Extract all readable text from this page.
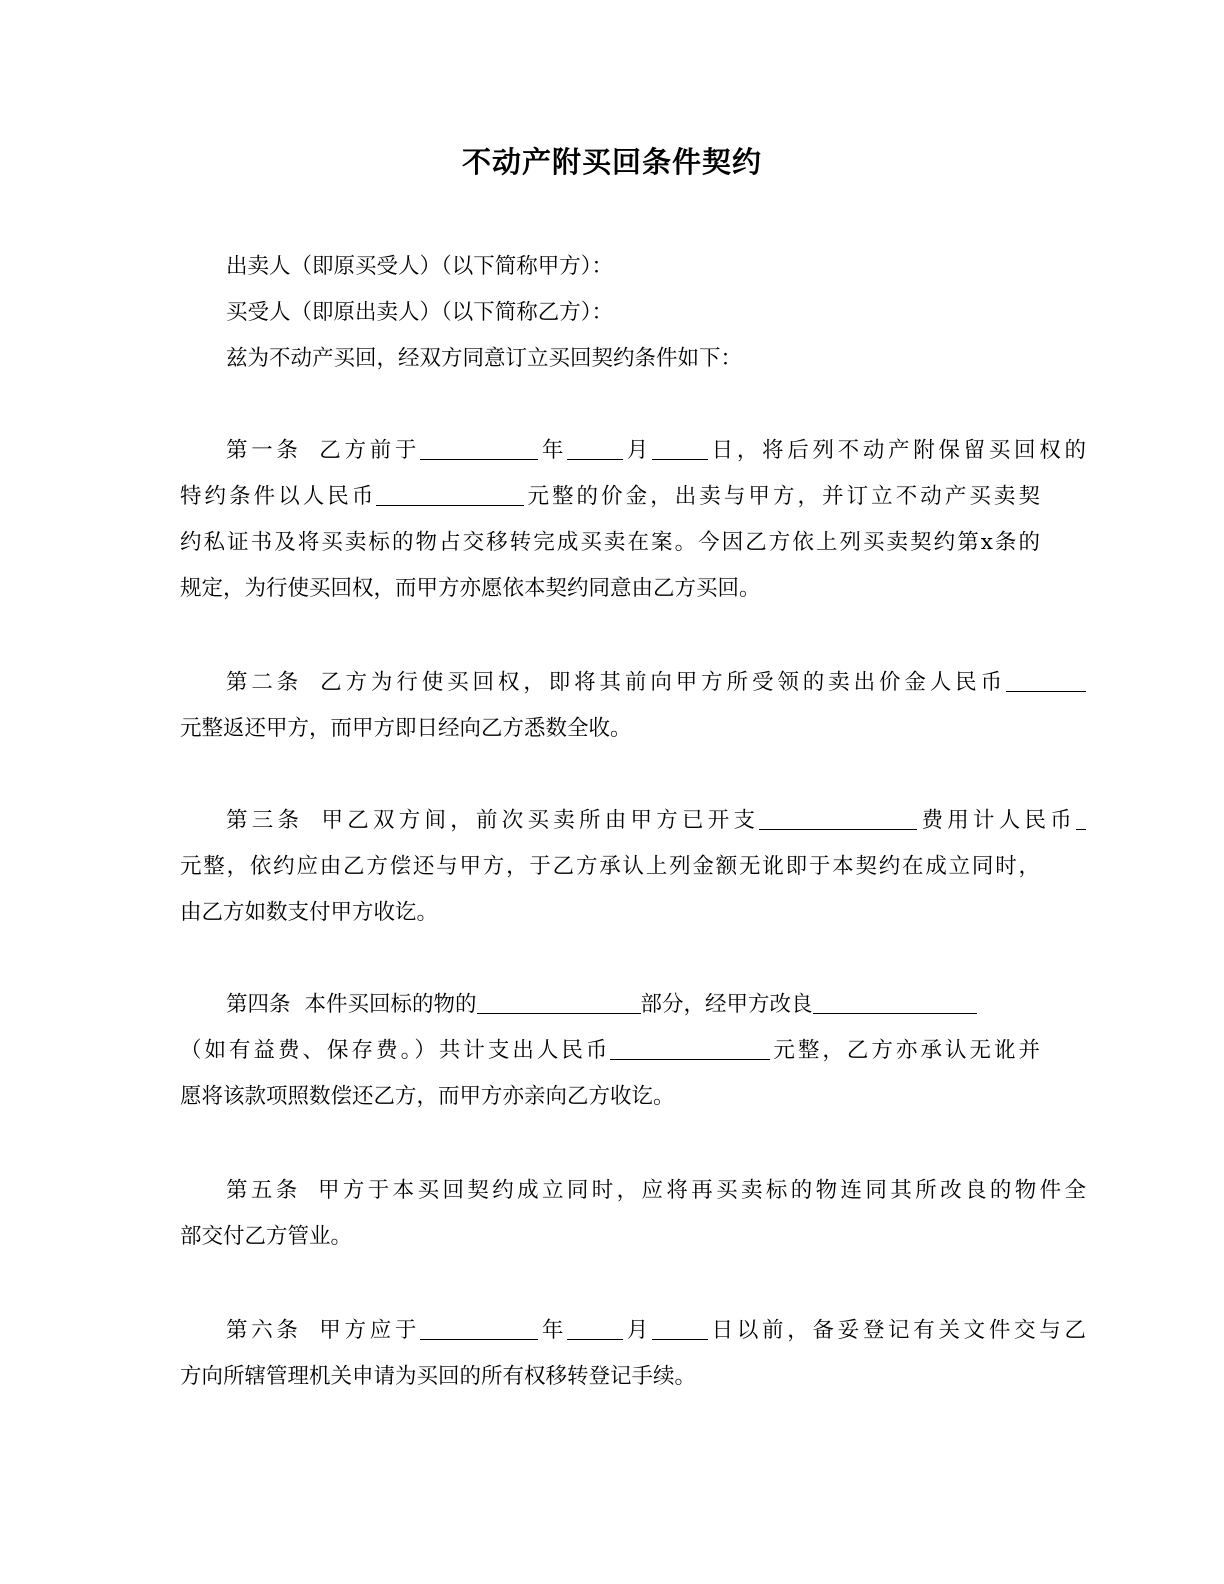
不动产附买回条件契约
出卖人（即原买受人）（以下简称甲方）：
买受人（即原出卖人）（以下简称乙方）：
兹为不动产买回，经双方同意订立买回契约条件如下：
第一条 乙方前于	年	月	日，将后列不动产附保留买回权的
特约条件以人民币	元整的价金，出卖与甲方，并订立不动产买卖契
约私证书及将买卖标的物占交移转完成买卖在案。今因乙方依上列买卖契约第x条的
规定，为行使买回权，而甲方亦愿依本契约同意由乙方买回。
第二条 乙方为行使买回权，即将其前向甲方所受领的卖出价金人民币
元整返还甲方，而甲方即日经向乙方悉数全收。
第三条 甲乙双方间，前次买卖所由甲方已开支	费用计人民币
元整，依约应由乙方偿还与甲方，于乙方承认上列金额无讹即于本契约在成立同时，
由乙方如数支付甲方收讫。
第四条 本件买回标的物的	部分，经甲方改良
（如有益费、保存费。）共计支出人民币	元整，乙方亦承认无讹并
愿将该款项照数偿还乙方，而甲方亦亲向乙方收讫。
第五条 甲方于本买回契约成立同时，应将再买卖标的物连同其所改良的物件全
部交付乙方管业。
第六条 甲方应于	年	月	日以前，备妥登记有关文件交与乙
方向所辖管理机关申请为买回的所有权移转登记手续。
